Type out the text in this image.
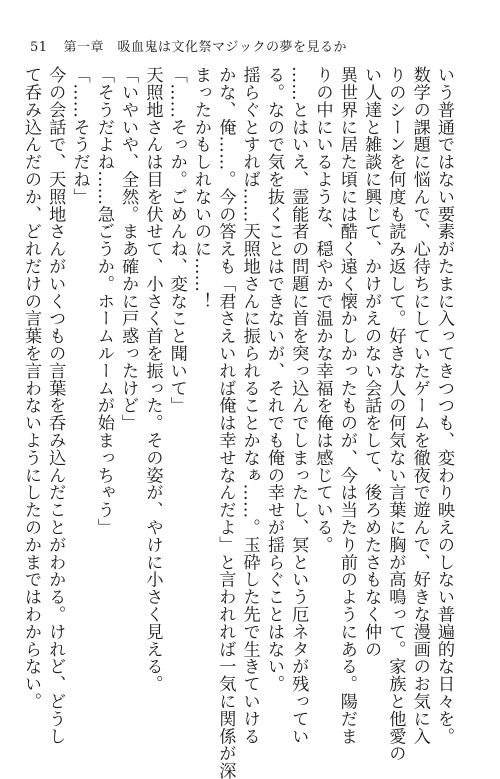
51 第一章　吸血鬼は文化祭マジックの夢を見るか
いう普通ではない要素がたまに入ってきつつも、変わり映えのしない普遍的な日々を。
数学の課題に悩んで、心待ちにしていたゲームを徹夜で遊んで、好きな漫画のお気に入
りのシーンを何度も読み返して。好きな人の何気ない言葉に胸が高鳴って。家族と他愛の
い人達と雑談に興じて、かけがえのない会話をして、後ろめたさもなく仲の
異世界に居た頃には酷く遠く懐かしかったものが、今は当たり前のようにある。陽だま
りの中にいるような、穏やかで温かな幸福を俺は感じている。
……とはいえ、霊能者の問題に首を突っ込んでしまったし、冥という厄ネタが残ってい
る。なので気を抜くことはできないが、それでも俺の幸せが揺らぐことはない。
揺らぐとすれば……天照地さんに振られることかなぁ……。玉砕した先で生きていける
かな、俺……。今の答えも「君さえいれば俺は幸せなんだよ」と言われれば一気に関係が深
まったかもしれないのに……！
「……そっか。ごめんね、変なこと聞いて」
天照地さんは目を伏せて、小さく首を振った。その姿が、やけに小さく見える。
「いやいや、全然。まあ確かに戸惑ったけど」
「そうだよね……急ごうか。ホームルームが始まっちゃう」
「……そうだね」
今の会話で、天照地さんがいくつもの言葉を呑み込んだことがわかる。けれど、どうし
て呑み込んだのか、どれだけの言葉を言わないようにしたのかまではわからない。
